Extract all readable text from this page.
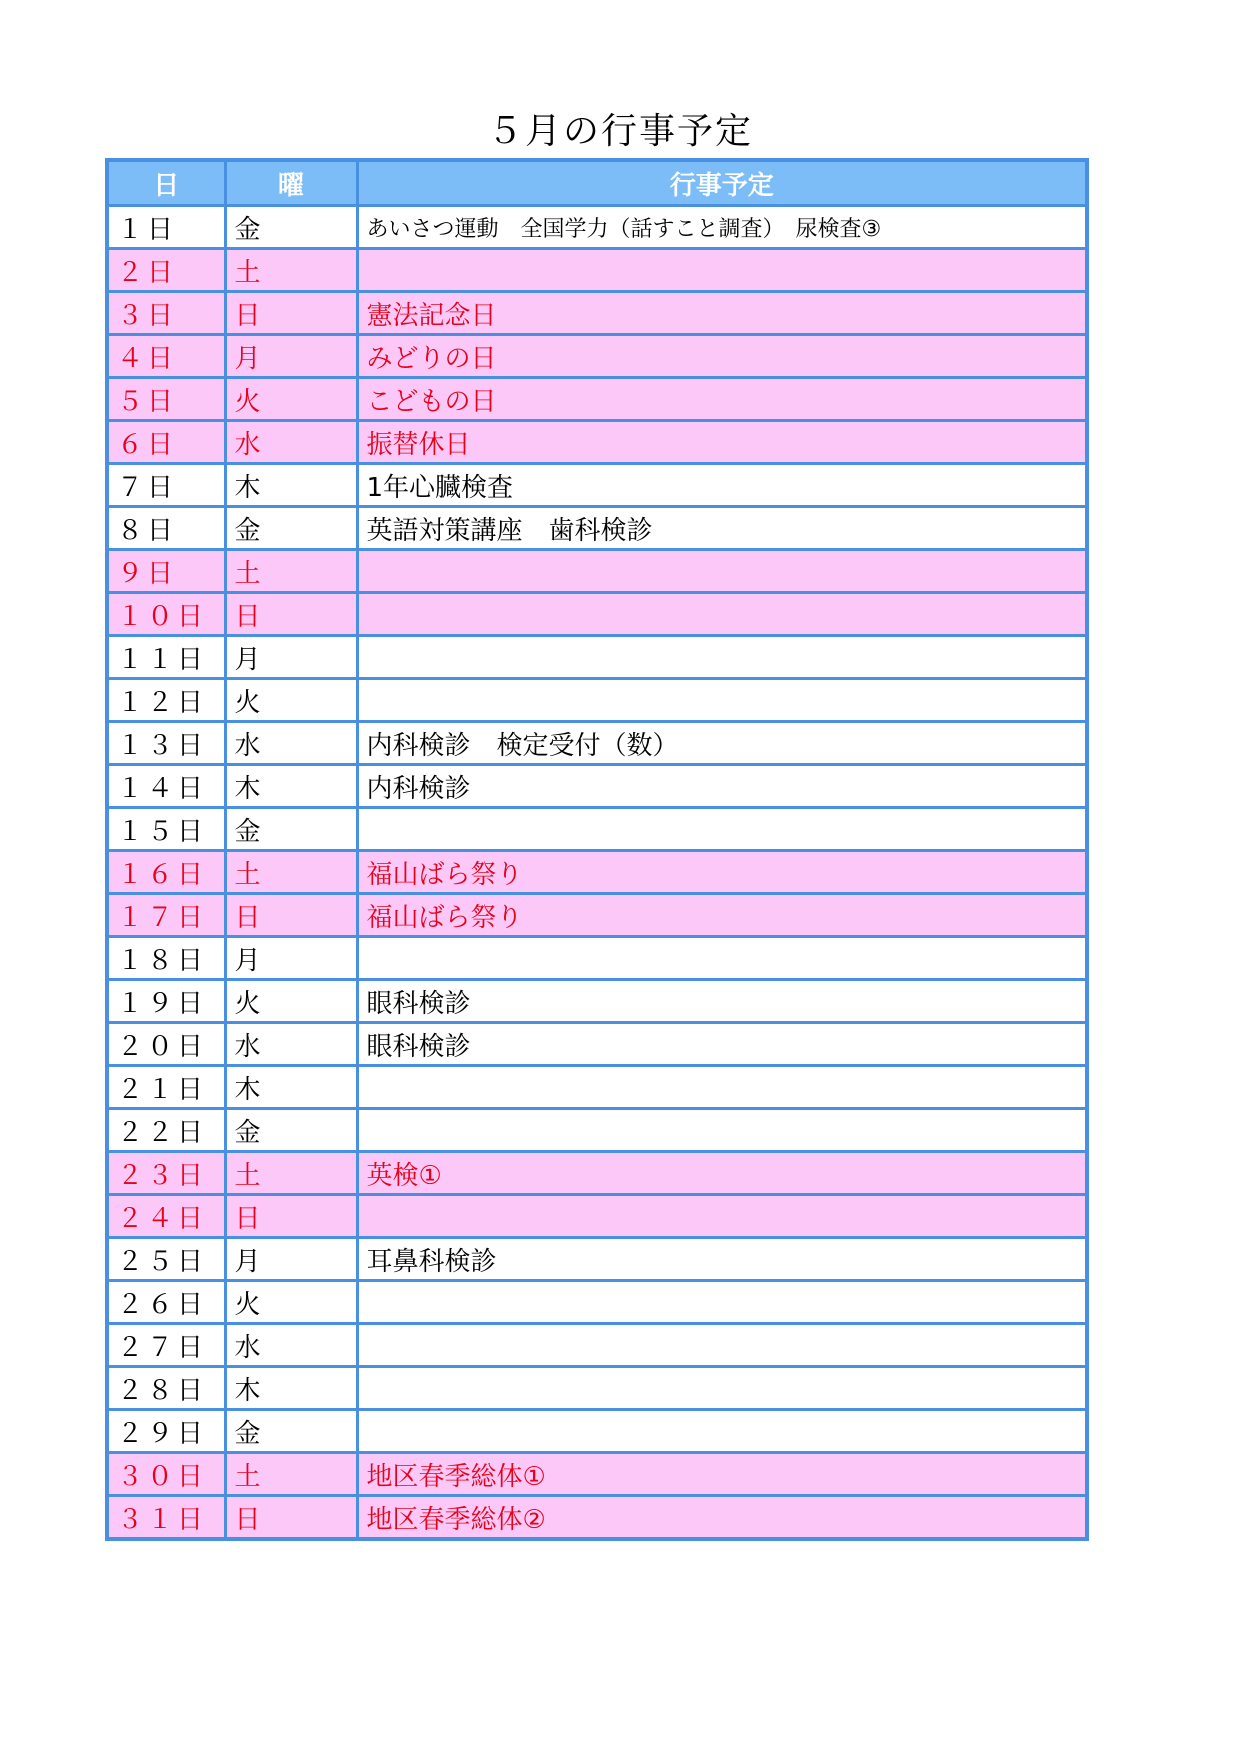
５月の行事予定
日	曜	行事予定
１日	金	あいさつ運動　全国学力（話すこと調査）　尿検査③
２日	土	
３日	日	憲法記念日
４日	月	みどりの日
５日	火	こどもの日
６日	水	振替休日
７日	木	1年心臓検査
８日	金	英語対策講座　歯科検診
９日	土	
１０日	日	
１１日	月	
１２日	火	
１３日	水	内科検診　検定受付（数）
１４日	木	内科検診
１５日	金	
１６日	土	福山ばら祭り
１７日	日	福山ばら祭り
１８日	月	
１９日	火	眼科検診
２０日	水	眼科検診
２１日	木	
２２日	金	
２３日	土	英検①
２４日	日	
２５日	月	耳鼻科検診
２６日	火	
２７日	水	
２８日	木	
２９日	金	
３０日	土	地区春季総体①
３１日	日	地区春季総体②
